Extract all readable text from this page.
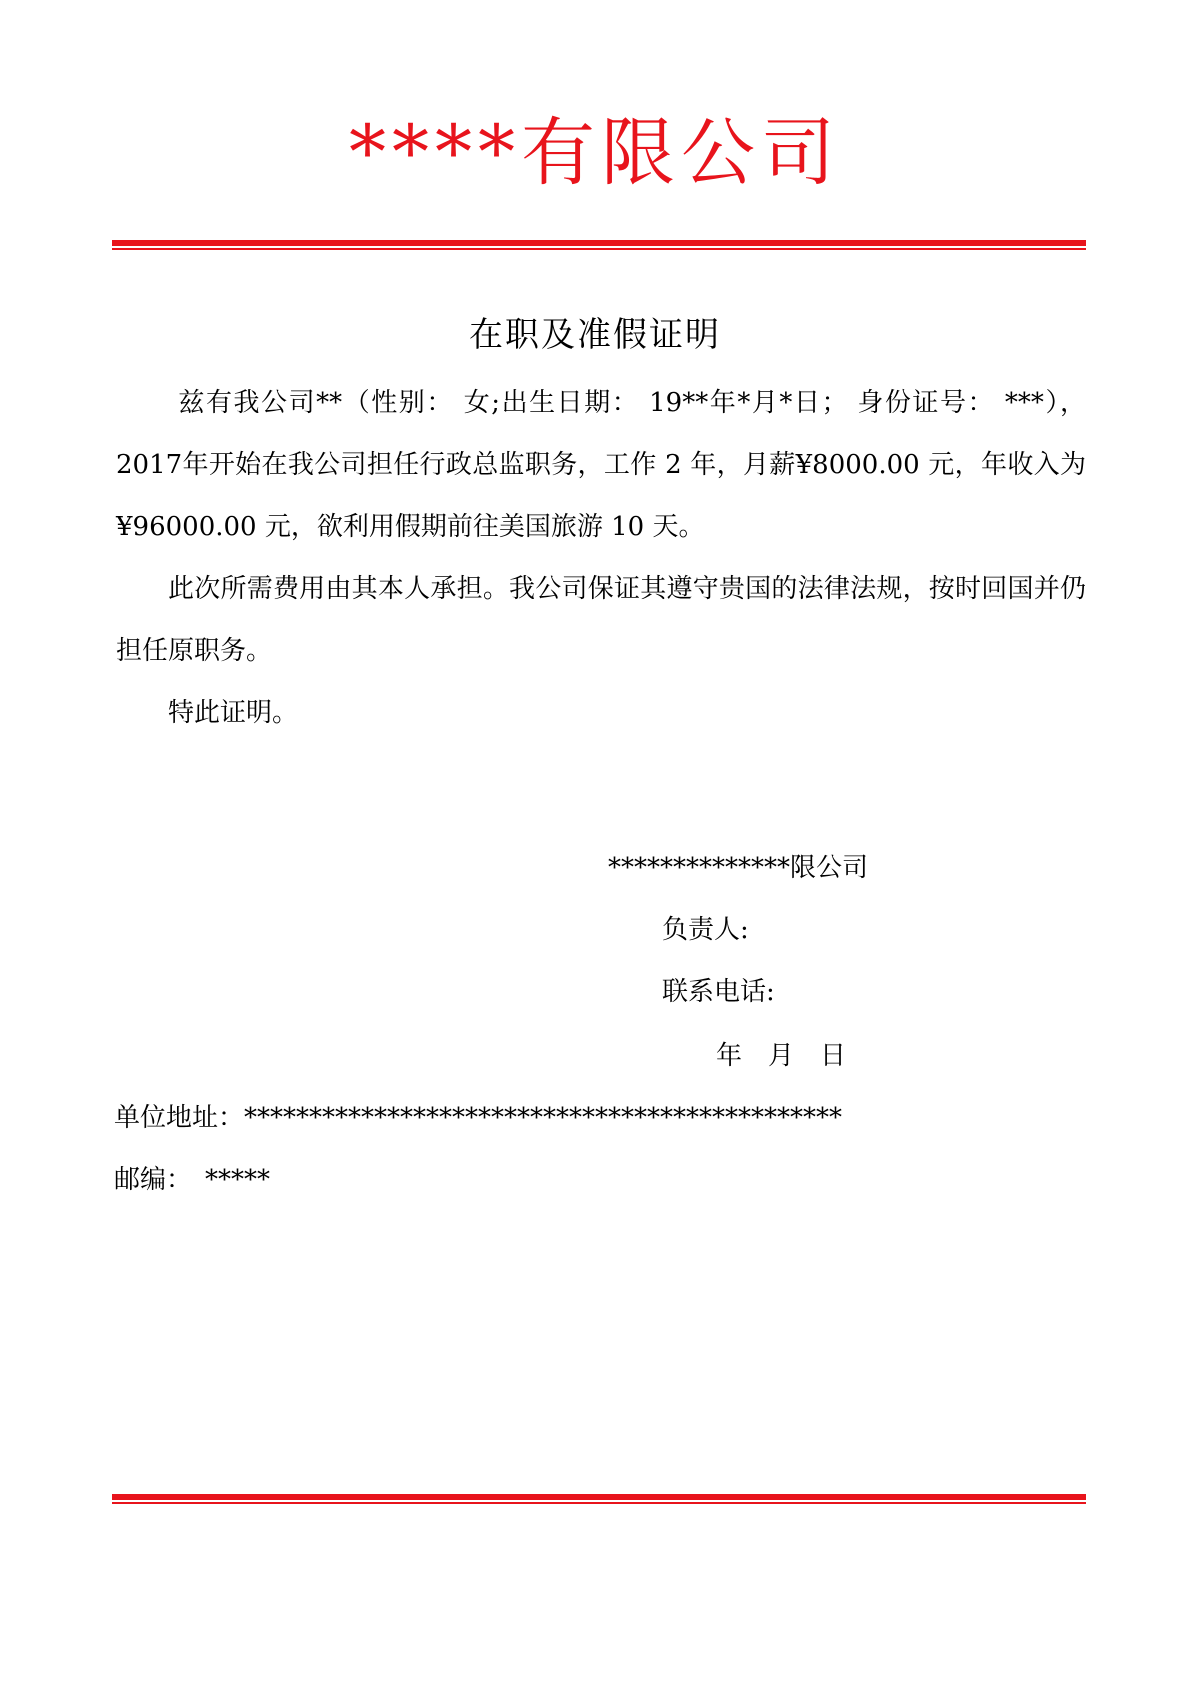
****有限公司
在职及准假证明

兹有我公司**（性别： 女;出生日期： 19**年*月*日； 身份证号： ***），2017年开始在我公司担任行政总监职务，工作 2 年，月薪¥8000.00 元，年收入为¥96000.00 元，欲利用假期前往美国旅游 10 天。

此次所需费用由其本人承担。我公司保证其遵守贵国的法律法规，按时回国并仍担任原职务。

特此证明。

**************限公司
负责人:
联系电话:
年　月　日
单位地址：**********************************************
邮编：　*****
